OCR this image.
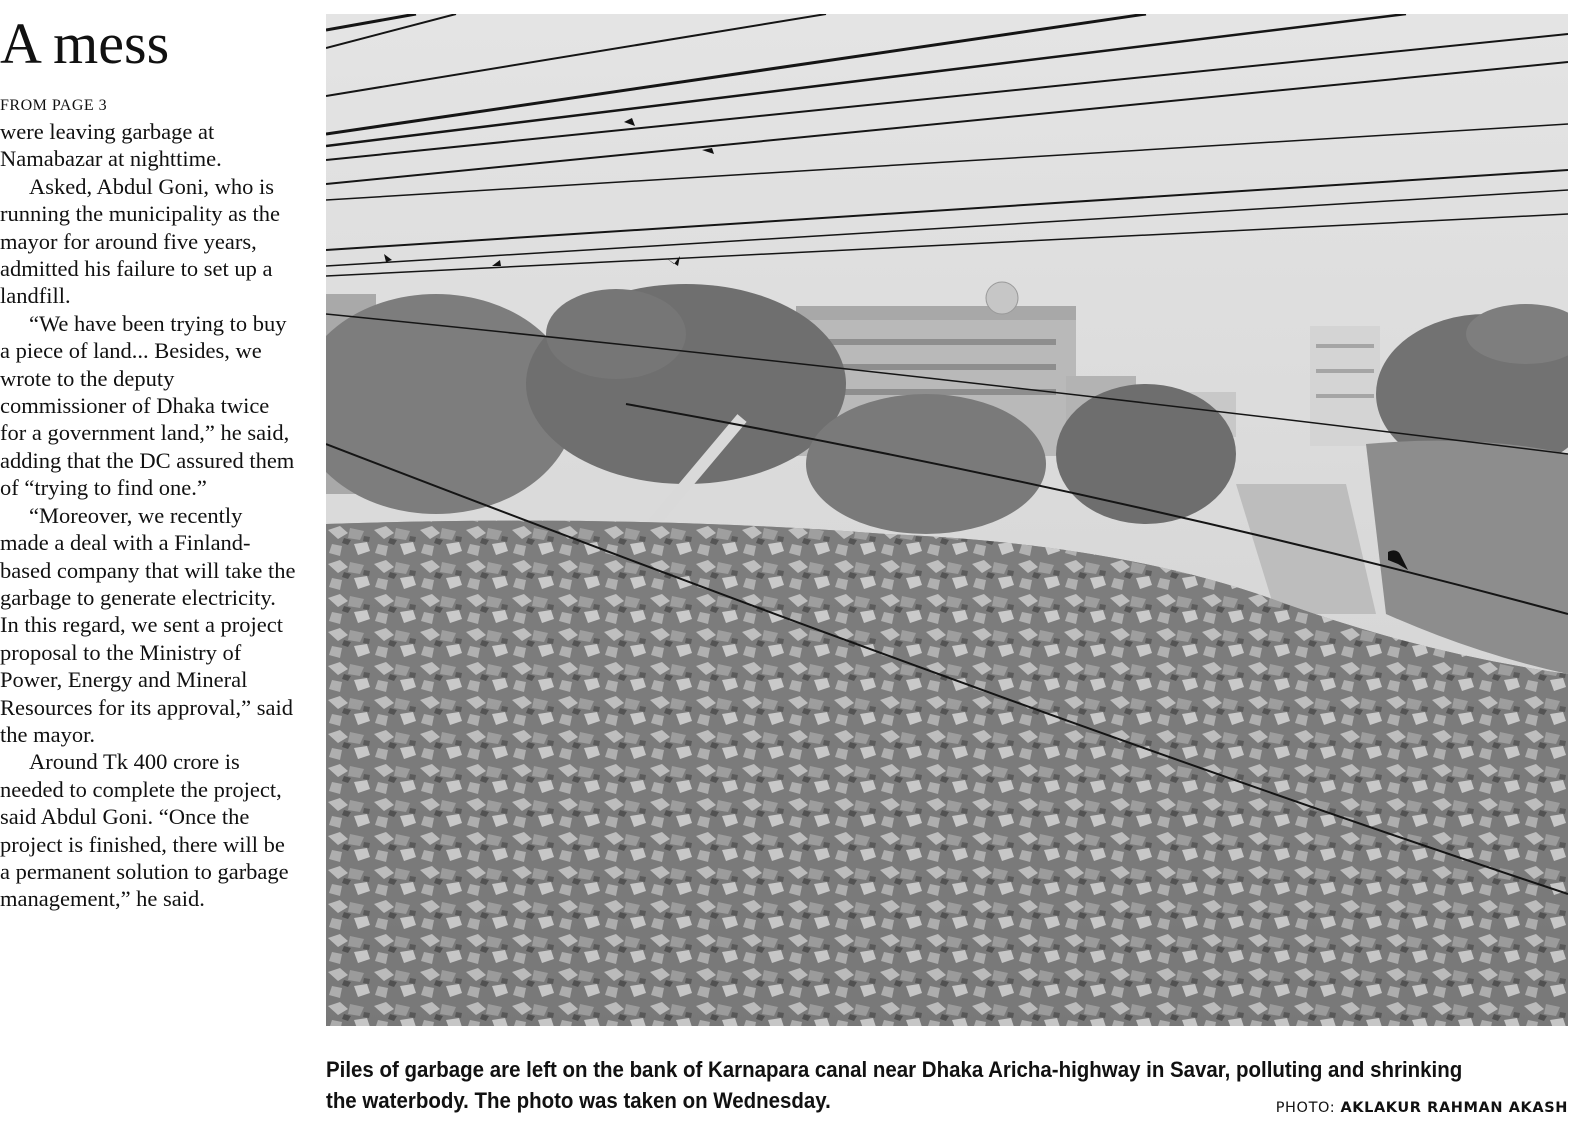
A mess
FROM PAGE 3

were leaving garbage at Namabazar at nighttime.

Asked, Abdul Goni, who is running the municipality as the mayor for around five years, admitted his failure to set up a landfill.

“We have been trying to buy a piece of land... Besides, we wrote to the deputy commissioner of Dhaka twice for a government land,” he said, adding that the DC assured them of “trying to find one.”

“Moreover, we recently made a deal with a Finland-based company that will take the garbage to generate electricity. In this regard, we sent a project proposal to the Ministry of Power, Energy and Mineral Resources for its approval,” said the mayor.

Around Tk 400 crore is needed to complete the project, said Abdul Goni. “Once the project is finished, there will be a permanent solution to garbage management,” he said.

Piles of garbage are left on the bank of Karnapara canal near Dhaka Aricha-highway in Savar, polluting and shrinking the waterbody. The photo was taken on Wednesday.	PHOTO: AKLAKUR RAHMAN AKASH
